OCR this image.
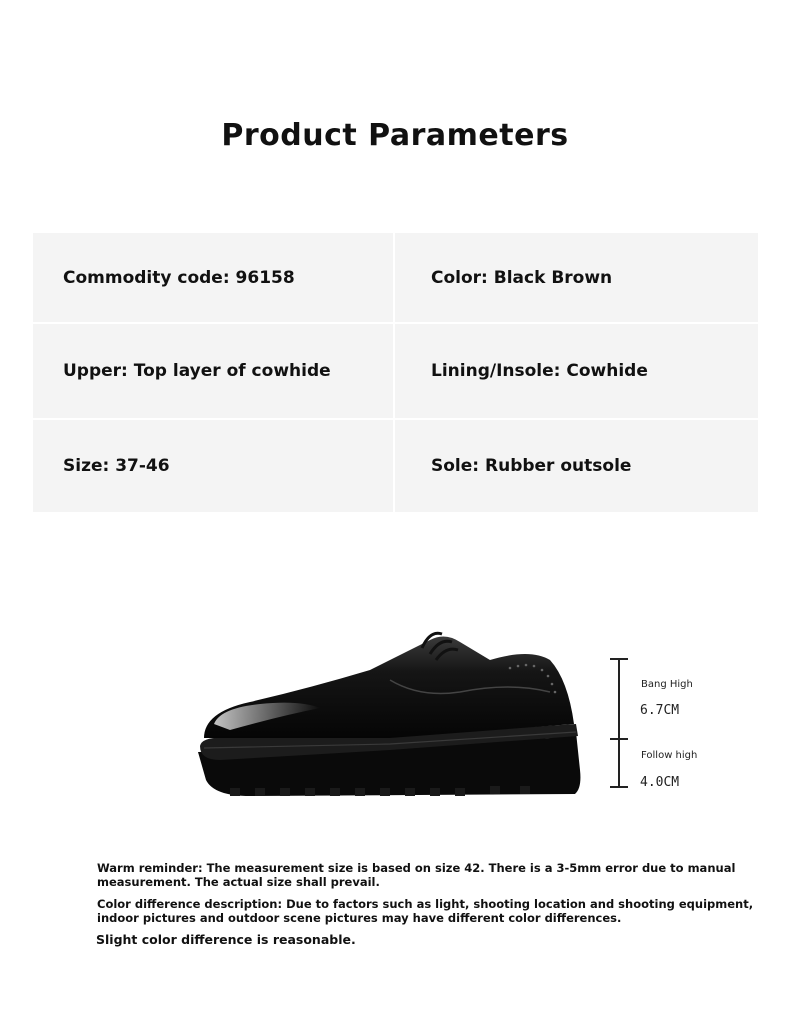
Product Parameters
Commodity code: 96158	Color: Black Brown
Upper: Top layer of cowhide	Lining/Insole: Cowhide
Size: 37-46	Sole: Rubber outsole
Bang High
6.7CM
Follow high
4.0CM

Warm reminder: The measurement size is based on size 42. There is a 3-5mm error due to manual measurement. The actual size shall prevail.

Color difference description: Due to factors such as light, shooting location and shooting equipment, indoor pictures and outdoor scene pictures may have different color differences.

Slight color difference is reasonable.
